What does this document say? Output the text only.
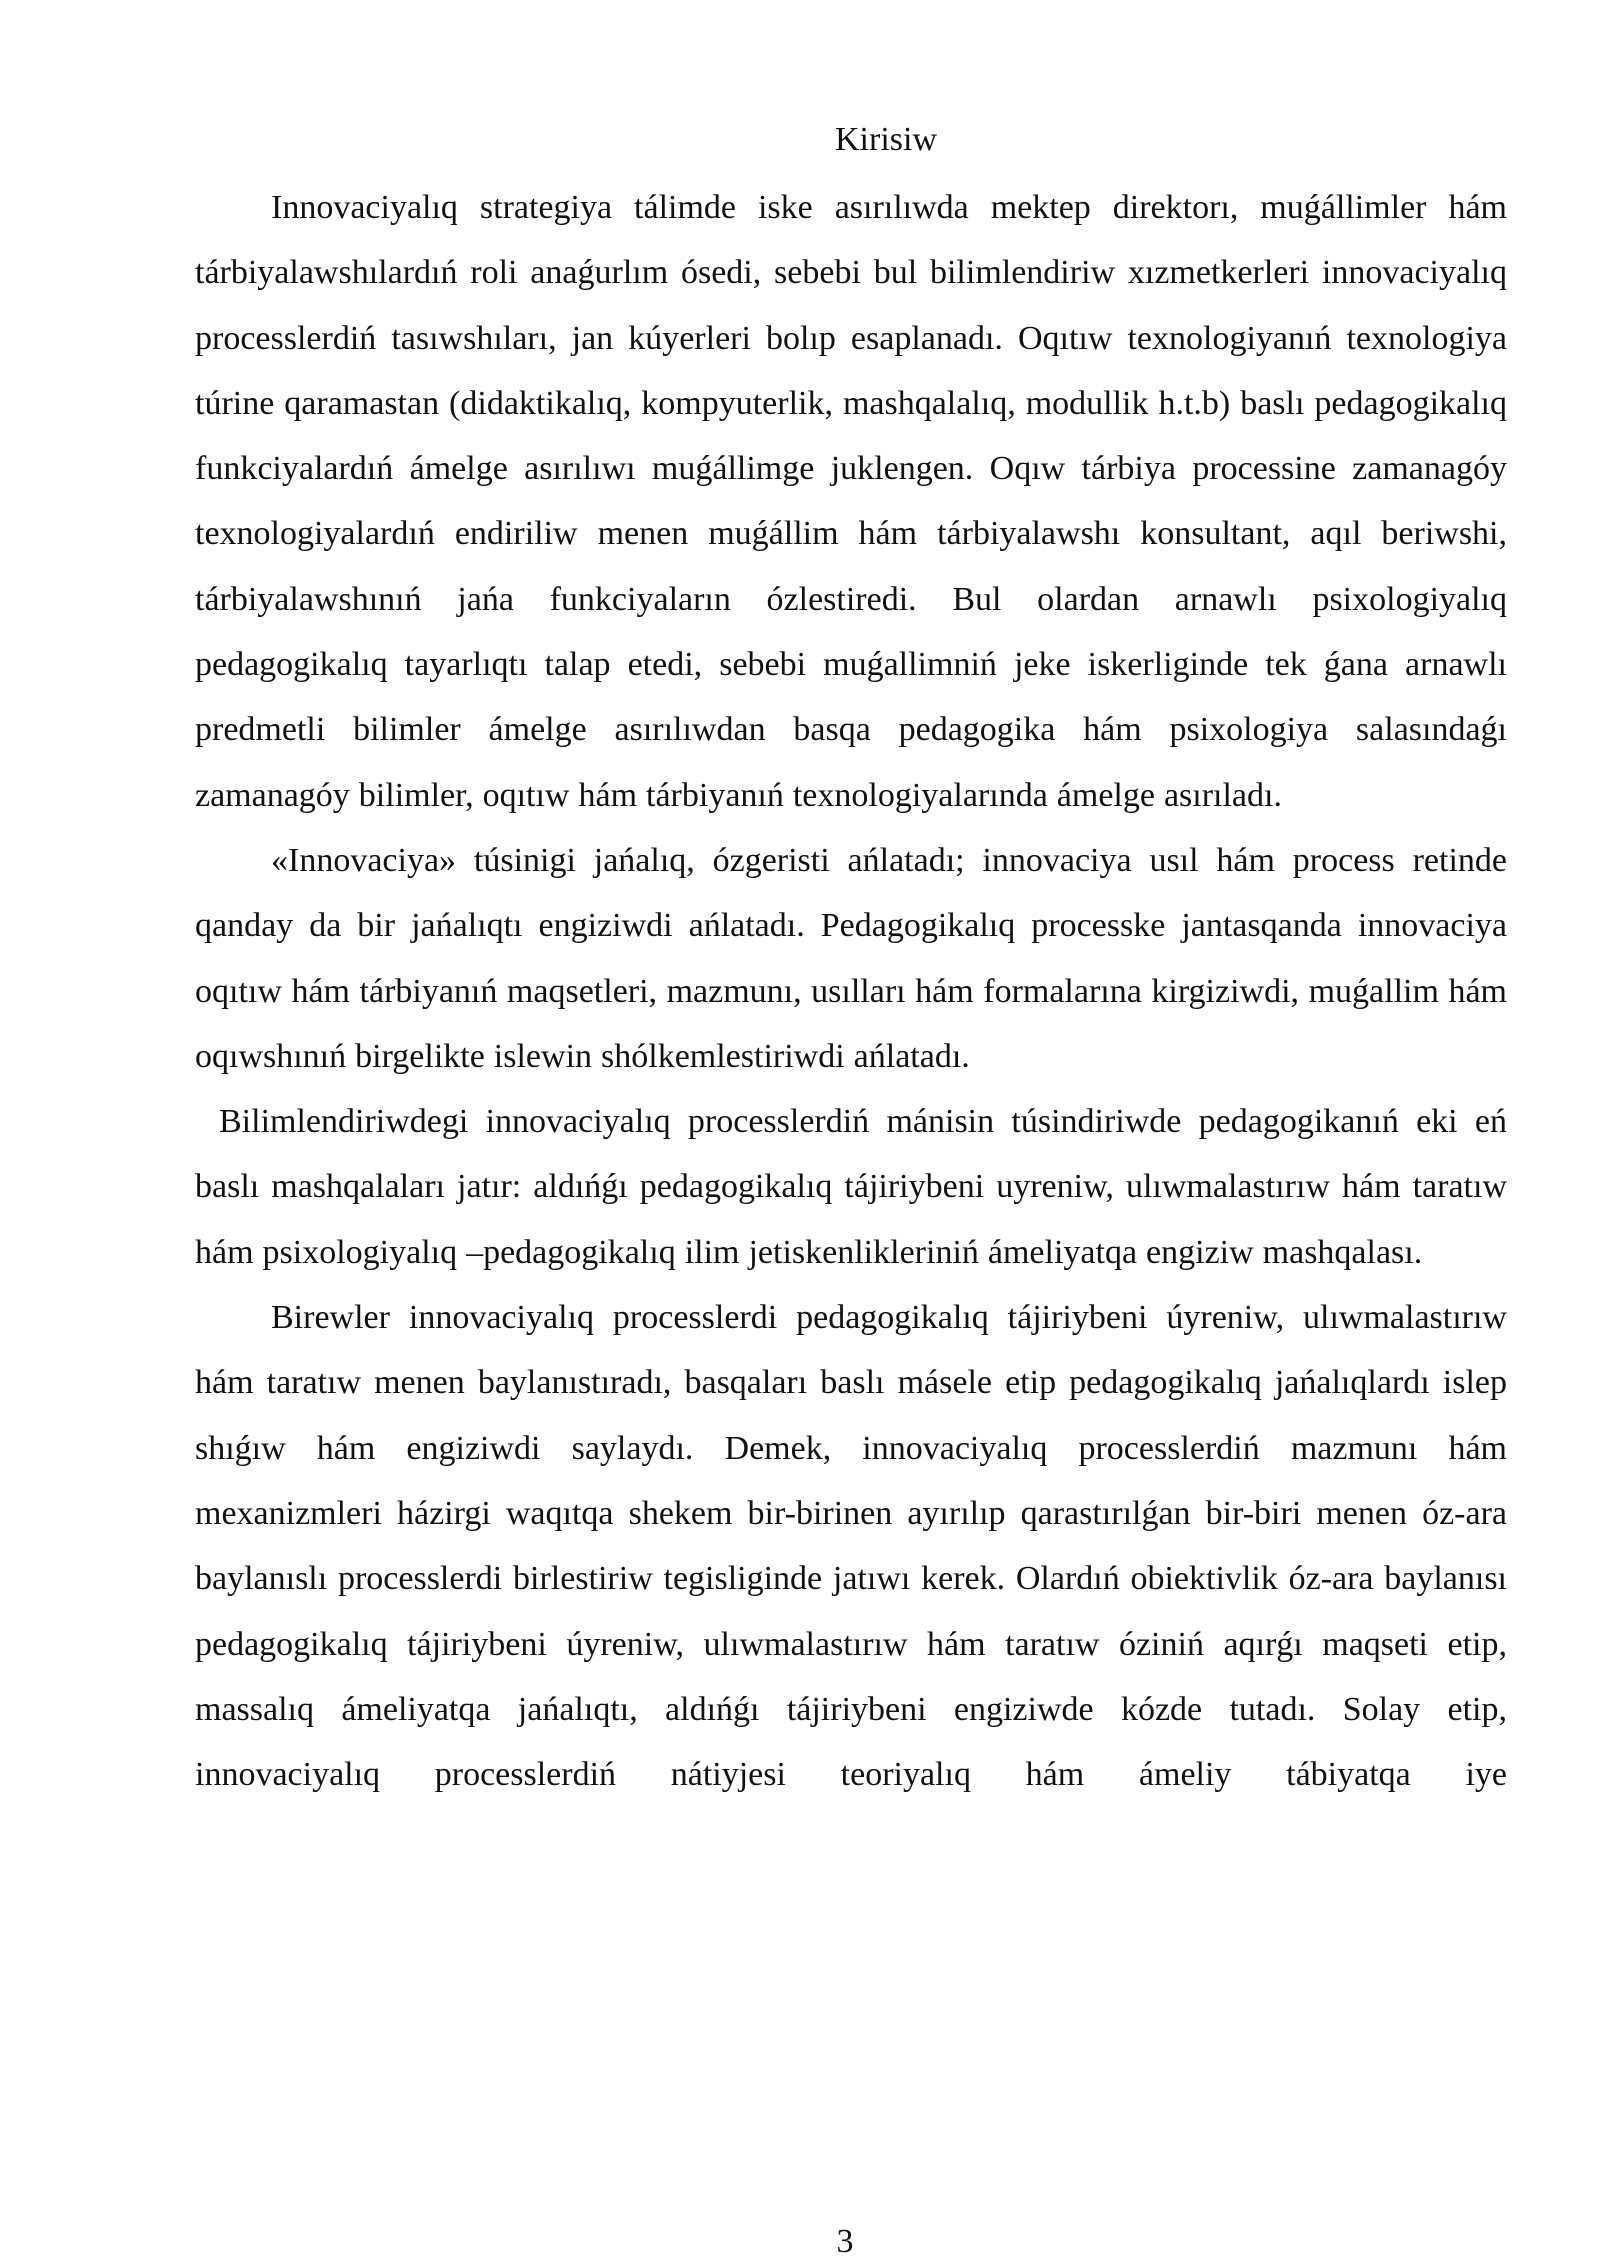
Kirisiw

Innovaciyalıq strategiya tálimde iske asırılıwda mektep direktorı, muǵállimler hám tárbiyalawshılardıń roli anaǵurlım ósedi, sebebi bul bilimlendiriw xızmetkerleri innovaciyalıq processlerdiń tasıwshıları, jan kúyerleri bolıp esaplanadı. Oqıtıw texnologiyanıń texnologiya túrine qaramastan (didaktikalıq, kompyuterlik, mashqalalıq, modullik h.t.b) baslı pedagogikalıq funkciyalardıń ámelge asırılıwı muǵállimge juklengen. Oqıw tárbiya processine zamanagóy texnologiyalardıń endiriliw menen muǵállim hám tárbiyalawshı konsultant, aqıl beriwshi, tárbiyalawshınıń jańa funkciyaların ózlestiredi. Bul olardan arnawlı psixologiyalıq pedagogikalıq tayarlıqtı talap etedi, sebebi muǵallimniń jeke iskerliginde tek ǵana arnawlı predmetli bilimler ámelge asırılıwdan basqa pedagogika hám psixologiya salasındaǵı zamanagóy bilimler, oqıtıw hám tárbiyanıń texnologiyalarında ámelge asırıladı.

«Innovaciya» túsinigi jańalıq, ózgeristi ańlatadı; innovaciya usıl hám process retinde qanday da bir jańalıqtı engiziwdi ańlatadı. Pedagogikalıq processke jantasqanda innovaciya oqıtıw hám tárbiyanıń maqsetleri, mazmunı, usılları hám formalarına kirgiziwdi, muǵallim hám oqıwshınıń birgelikte islewin shólkemlestiriwdi ańlatadı.

Bilimlendiriwdegi innovaciyalıq processlerdiń mánisin túsindiriwde pedagogikanıń eki eń baslı mashqalaları jatır: aldıńǵı pedagogikalıq tájiriybeni uyreniw, ulıwmalastırıw hám taratıw hám psixologiyalıq –pedagogikalıq ilim jetiskenlikleriniń ámeliyatqa engiziw mashqalası.

Birewler innovaciyalıq processlerdi pedagogikalıq tájiriybeni úyreniw, ulıwmalastırıw hám taratıw menen baylanıstıradı, basqaları baslı másele etip pedagogikalıq jańalıqlardı islep shıǵıw hám engiziwdi saylaydı. Demek, innovaciyalıq processlerdiń mazmunı hám mexanizmleri házirgi waqıtqa shekem bir-birinen ayırılıp qarastırılǵan bir-biri menen óz-ara baylanıslı processlerdi birlestiriw tegisliginde jatıwı kerek. Olardıń obiektivlik óz-ara baylanısı pedagogikalıq tájiriybeni úyreniw, ulıwmalastırıw hám taratıw óziniń aqırǵı maqseti etip, massalıq ámeliyatqa jańalıqtı, aldıńǵı tájiriybeni engiziwde kózde tutadı. Solay etip, innovaciyalıq processlerdiń nátiyjesi teoriyalıq hám ámeliy tábiyatqa iye

3
